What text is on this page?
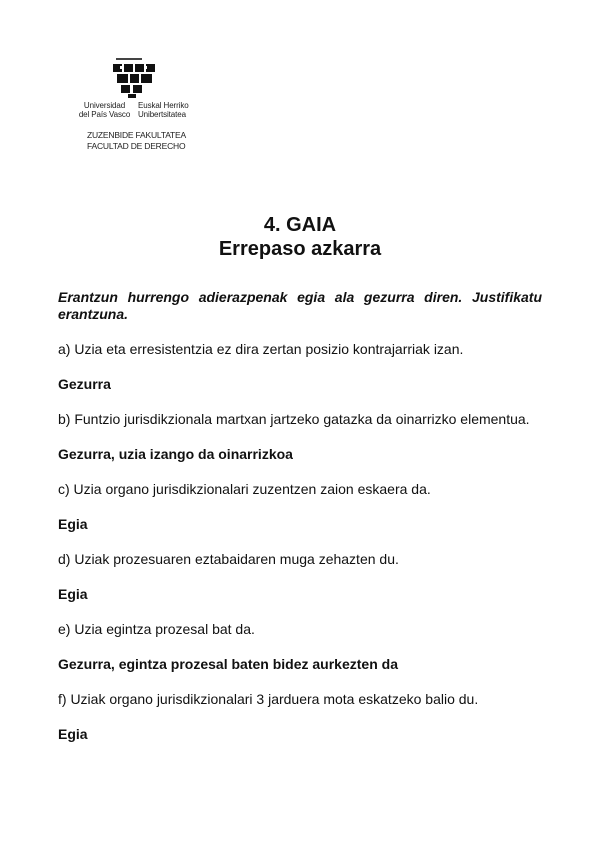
Universidad
del País Vasco
Euskal Herriko
Unibertsitatea
ZUZENBIDE FAKULTATEA
FACULTAD DE DERECHO
4. GAIA
Errepaso azkarra

Erantzun hurrengo adierazpenak egia ala gezurra diren. Justifikatu erantzuna.

a) Uzia eta erresistentzia ez dira zertan posizio kontrajarriak izan.

Gezurra

b) Funtzio jurisdikzionala martxan jartzeko gatazka da oinarrizko elementua.

Gezurra, uzia izango da oinarrizkoa

c) Uzia organo jurisdikzionalari zuzentzen zaion eskaera da.

Egia

d) Uziak prozesuaren eztabaidaren muga zehazten du.

Egia

e) Uzia egintza prozesal bat da.

Gezurra, egintza prozesal baten bidez aurkezten da

f) Uziak organo jurisdikzionalari 3 jarduera mota eskatzeko balio du.

Egia
